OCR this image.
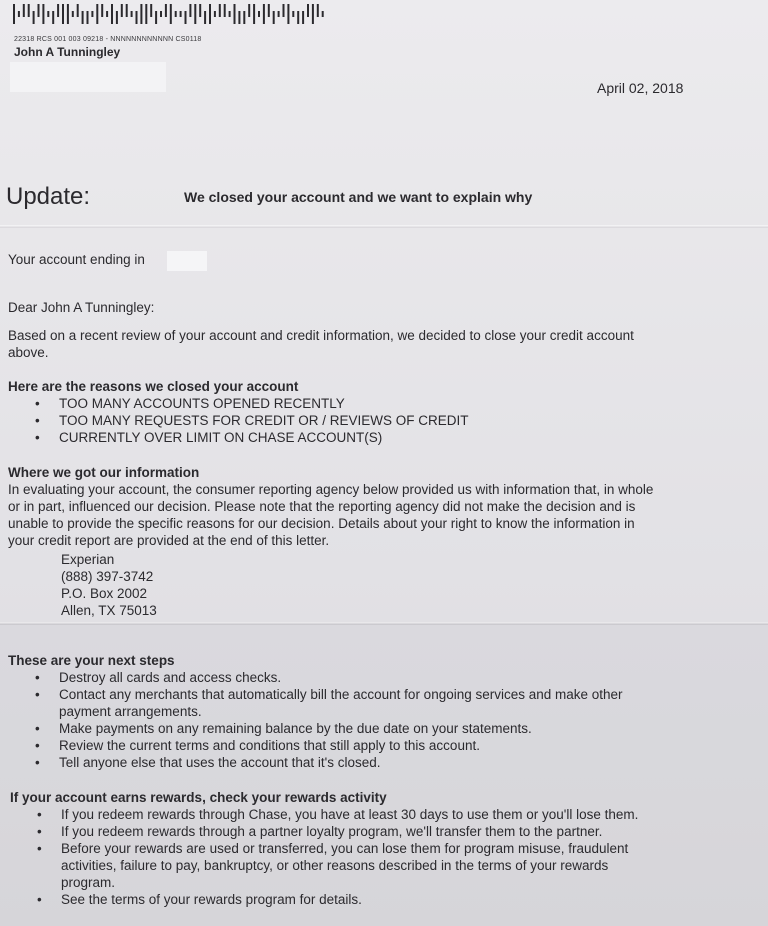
22318 RCS 001 003 09218 - NNNNNNNNNNNN CS0118
John A Tunningley
April 02, 2018
Update:	We closed your account and we want to explain why
Your account ending in
Dear John A Tunningley:
Based on a recent review of your account and credit information, we decided to close your credit account
above.
Here are the reasons we closed your account
• TOO MANY ACCOUNTS OPENED RECENTLY
• TOO MANY REQUESTS FOR CREDIT OR / REVIEWS OF CREDIT
• CURRENTLY OVER LIMIT ON CHASE ACCOUNT(S)
Where we got our information
In evaluating your account, the consumer reporting agency below provided us with information that, in whole
or in part, influenced our decision. Please note that the reporting agency did not make the decision and is
unable to provide the specific reasons for our decision. Details about your right to know the information in
your credit report are provided at the end of this letter.
Experian
(888) 397-3742
P.O. Box 2002
Allen, TX 75013
These are your next steps
• Destroy all cards and access checks.
• Contact any merchants that automatically bill the account for ongoing services and make other
payment arrangements.
• Make payments on any remaining balance by the due date on your statements.
• Review the current terms and conditions that still apply to this account.
• Tell anyone else that uses the account that it's closed.
If your account earns rewards, check your rewards activity
• If you redeem rewards through Chase, you have at least 30 days to use them or you'll lose them.
• If you redeem rewards through a partner loyalty program, we'll transfer them to the partner.
• Before your rewards are used or transferred, you can lose them for program misuse, fraudulent
activities, failure to pay, bankruptcy, or other reasons described in the terms of your rewards
program.
• See the terms of your rewards program for details.
